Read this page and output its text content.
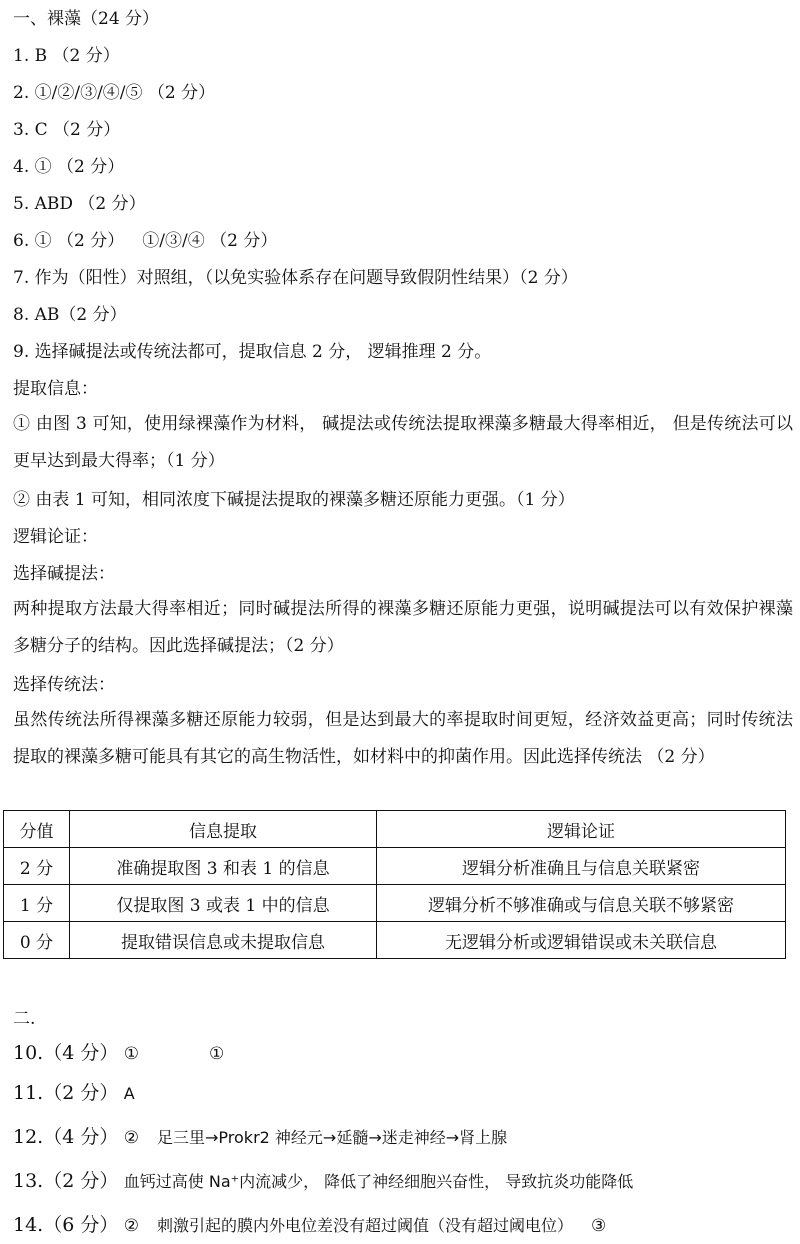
一、裸藻（24 分）
1. B （2 分）
2. ①/②/③/④/⑤ （2 分）
3. C （2 分）
4. ① （2 分）
5. ABD （2 分）
6. ① （2 分） ①/③/④ （2 分）
7. 作为（阳性）对照组，（以免实验体系存在问题导致假阴性结果）（2 分）
8. AB（2 分）
9. 选择碱提法或传统法都可，提取信息 2 分， 逻辑推理 2 分。
提取信息：
① 由图 3 可知，使用绿裸藻作为材料， 碱提法或传统法提取裸藻多糖最大得率相近， 但是传统法可以更早达到最大得率；（1 分）
② 由表 1 可知，相同浓度下碱提法提取的裸藻多糖还原能力更强。（1 分）
逻辑论证：
选择碱提法：
两种提取方法最大得率相近；同时碱提法所得的裸藻多糖还原能力更强，说明碱提法可以有效保护裸藻多糖分子的结构。因此选择碱提法；（2 分）
选择传统法：
虽然传统法所得裸藻多糖还原能力较弱，但是达到最大的率提取时间更短，经济效益更高；同时传统法提取的裸藻多糖可能具有其它的高生物活性，如材料中的抑菌作用。因此选择传统法 （2 分）
分值	信息提取	逻辑论证
2 分	准确提取图 3 和表 1 的信息	逻辑分析准确且与信息关联紧密
1 分	仅提取图 3 或表 1 中的信息	逻辑分析不够准确或与信息关联不够紧密
0 分	提取错误信息或未提取信息	无逻辑分析或逻辑错误或未关联信息
二.
10.（4 分） ①	①
11.（2 分） A
12.（4 分） ② 足三里→Prokr2 神经元→延髓→迷走神经→肾上腺
13.（2 分） 血钙过高使 Na⁺内流减少， 降低了神经细胞兴奋性， 导致抗炎功能降低
14.（6 分） ② 刺激引起的膜内外电位差没有超过阈值（没有超过阈电位） ③
